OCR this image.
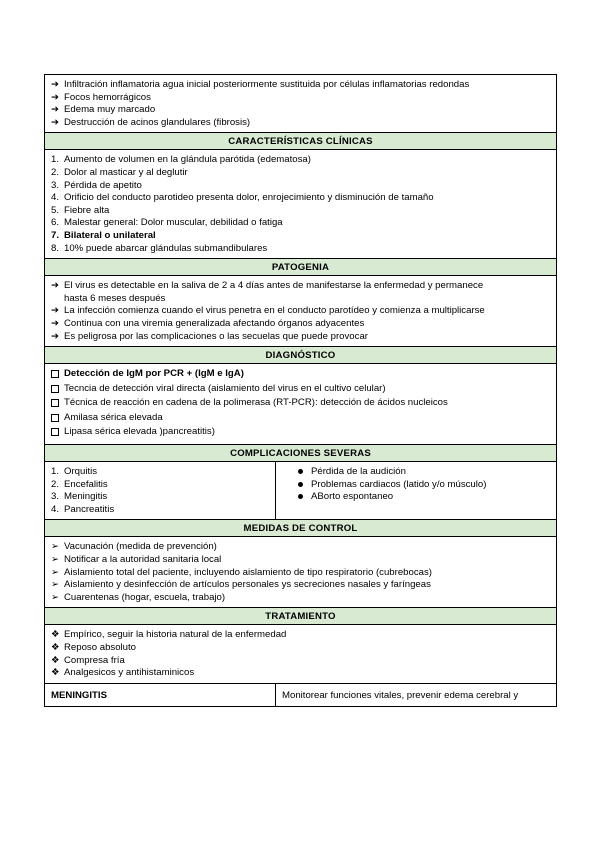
➔ Infiltración inflamatoria agua inicial posteriormente sustituida por células inflamatorias redondas
➔ Focos hemorrágicos
➔ Edema muy marcado
➔ Destrucción de acinos glandulares (fibrosis)
CARACTERÍSTICAS CLÍNICAS
1. Aumento de volumen en la glándula parótida (edematosa)
2. Dolor al masticar y al deglutir
3. Pérdida de apetito
4. Orificio del conducto parotideo presenta dolor, enrojecimiento y disminución de tamaño
5. Fiebre alta
6. Malestar general: Dolor muscular, debilidad o fatiga
7. Bilateral o unilateral
8. 10% puede abarcar glándulas submandibulares
PATOGENIA
➔ El virus es detectable en la saliva de 2 a 4 días antes de manifestarse la enfermedad y permanece
hasta 6 meses después
➔ La infección comienza cuando el virus penetra en el conducto parotídeo y comienza a multiplicarse
➔ Continua con una viremia generalizada afectando órganos adyacentes
➔ Es peligrosa por las complicaciones o las secuelas que puede provocar
DIAGNÓSTICO
Detección de IgM por PCR + (IgM e IgA)
Tecncia de detección viral directa (aislamiento del virus en el cultivo celular)
Técnica de reacción en cadena de la polimerasa (RT-PCR): detección de ácidos nucleicos
Amilasa sérica elevada
Lipasa sérica elevada )pancreatitis)
COMPLICACIONES SEVERAS
1. Orquitis
2. Encefalitis
3. Meningitis
4. Pancreatitis
Pérdida de la audición
Problemas cardiacos (latido y/o músculo)
ABorto espontaneo
MEDIDAS DE CONTROL
➢ Vacunación (medida de prevención)
➢ Notificar a la autoridad sanitaria local
➢ Aislamiento total del paciente, incluyendo aislamiento de tipo respiratorio (cubrebocas)
➢ Aislamiento y desinfección de artículos personales ys secreciones nasales y faríngeas
➢ Cuarentenas (hogar, escuela, trabajo)
TRATAMIENTO
❖ Empírico, seguir la historia natural de la enfermedad
❖ Reposo absoluto
❖ Compresa fría
❖ Analgesicos y antihistaminicos
MENINGITIS	Monitorear funciones vitales, prevenir edema cerebral y
